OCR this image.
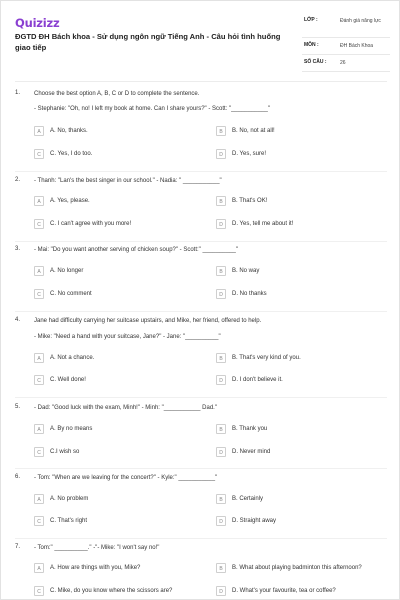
Quizizz
ĐGTD ĐH Bách khoa - Sử dụng ngôn ngữ Tiếng Anh - Câu hỏi tình huống giao tiếp
LỚP :	Đánh giá năng lực
MÔN :	ĐH Bách Khoa
SỐ CÂU :	26
1. Choose the best option A, B, C or D to complete the sentence.
- Stephanie: "Oh, no! I left my book at home. Can I share yours?" - Scott: "___________"
A	A. No, thanks.	B	B. No, not at all!
C	C. Yes, I do too.	D	D. Yes, sure!
2. - Thanh: "Lan's the best singer in our school." - Nadia: " ___________"
A	A. Yes, please.	B	B. That's OK!
C	C. I can't agree with you more!	D	D. Yes, tell me about it!
3. - Mai: "Do you want another serving of chicken soup?" - Scott:" __________"
A	A. No longer	B	B. No way
C	C. No comment	D	D. No thanks
4. Jane had difficulty carrying her suitcase upstairs, and Mike, her friend, offered to help.
- Mike: "Need a hand with your suitcase, Jane?" - Jane: "__________"
A	A. Not a chance.	B	B. That's very kind of you.
C	C. Well done!	D	D. I don't believe it.
5. - Dad: "Good luck with the exam, Minh!" - Minh: "___________ Dad."
A	A. By no means	B	B. Thank you
C	C.I wish so	D	D. Never mind
6. - Tom: "When are we leaving for the concert?" - Kyle:" ___________"
A	A. No problem	B	B. Certainly
C	C. That's right	D	D. Straight away
7. - Tom:" __________." -"- Mike: "I won't say no!"
A	A. How are things with you, Mike?	B	B. What about playing badminton this afternoon?
C	C. Mike, do you know where the scissors are?	D	D. What's your favourite, tea or coffee?
